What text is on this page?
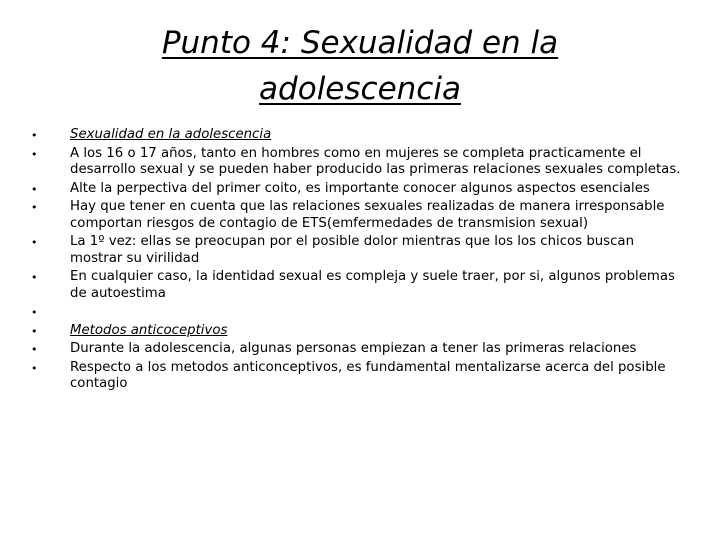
Punto 4: Sexualidad en la adolescencia
• Sexualidad en la adolescencia
• A los 16 o 17 años, tanto en hombres como en mujeres se completa practicamente el desarrollo sexual y se pueden haber producido las primeras relaciones sexuales completas.
• Alte la perpectiva del primer coito, es importante conocer algunos aspectos esenciales
• Hay que tener en cuenta que las relaciones sexuales realizadas de manera irresponsable comportan riesgos de contagio de ETS(emfermedades de transmision sexual)
• La 1º vez: ellas se preocupan por el posible dolor mientras que los los chicos buscan mostrar su virilidad
• En cualquier caso, la identidad sexual es compleja y suele traer, por si, algunos problemas de autoestima
•
• Metodos anticoceptivos
• Durante la adolescencia, algunas personas empiezan a tener las primeras relaciones
• Respecto a los metodos anticonceptivos, es fundamental mentalizarse acerca del posible contagio
